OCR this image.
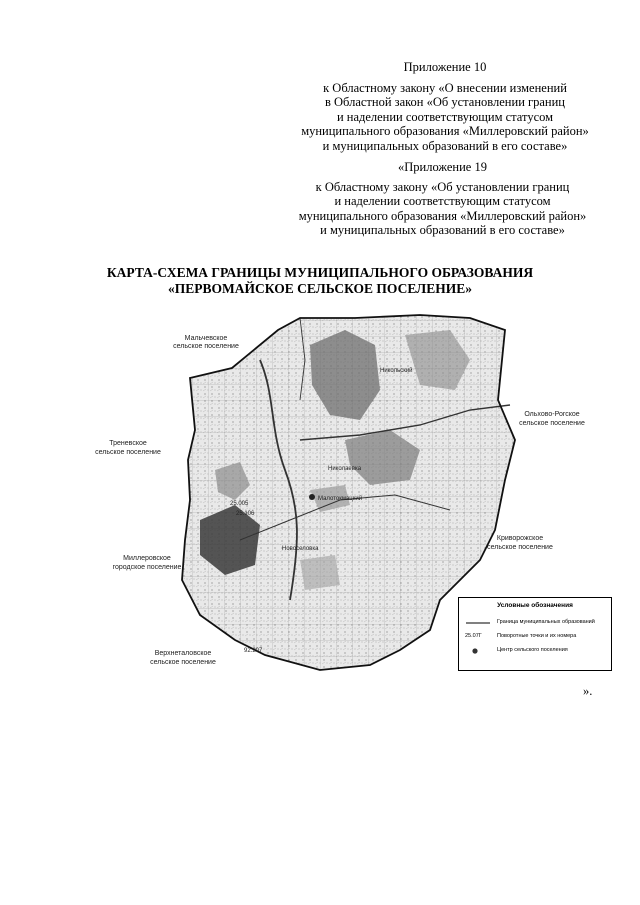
Приложение 10
к Областному закону «О внесении изменений
в Областной закон «Об установлении границ
и наделении соответствующим статусом
муниципального образования «Миллеровский район»
и муниципальных образований в его составе»
«Приложение 19
к Областному закону «Об установлении границ
и наделении соответствующим статусом
муниципального образования «Миллеровский район»
и муниципальных образований в его составе»
КАРТА-СХЕМА ГРАНИЦЫ МУНИЦИПАЛЬНОГО ОБРАЗОВАНИЯ
«ПЕРВОМАЙСКОЕ СЕЛЬСКОЕ ПОСЕЛЕНИЕ»
Мальчевское
сельское поселение
Ольхово-Рогское
сельское поселение
Треневское
сельское поселение
Криворожское
сельское поселение
Миллеровское
городское поселение
Верхнеталовское
сельское поселение
Николаевка
Малотокмацкий
Новоселовка
Никольский
25.005
25.106
92.207
Условные обозначения
Граница муниципальных образований
25.07Г	Поворотные точки и их номера
Центр сельского поселения
».
